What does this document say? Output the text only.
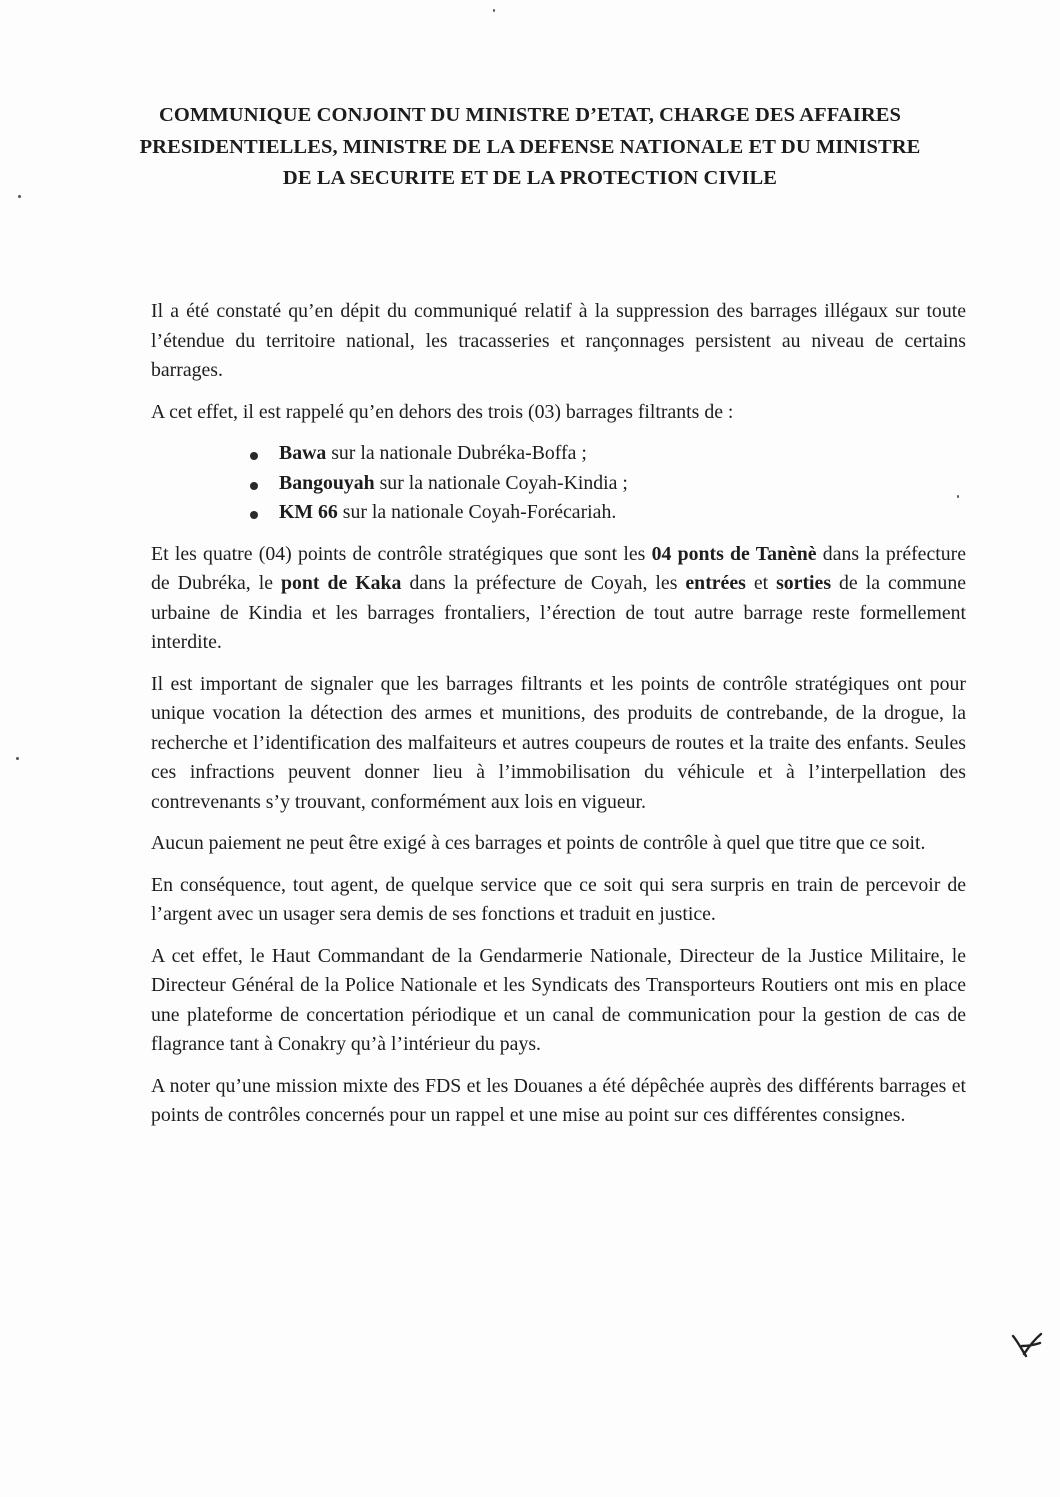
COMMUNIQUE CONJOINT DU MINISTRE D’ETAT, CHARGE DES AFFAIRES PRESIDENTIELLES, MINISTRE DE LA DEFENSE NATIONALE ET DU MINISTRE DE LA SECURITE ET DE LA PROTECTION CIVILE

Il a été constaté qu’en dépit du communiqué relatif à la suppression des barrages illégaux sur toute l’étendue du territoire national, les tracasseries et rançonnages persistent au niveau de certains barrages.

A cet effet, il est rappelé qu’en dehors des trois (03) barrages filtrants de :

Bawa sur la nationale Dubréka-Boffa ;
Bangouyah sur la nationale Coyah-Kindia ;
KM 66 sur la nationale Coyah-Forécariah.

Et les quatre (04) points de contrôle stratégiques que sont les 04 ponts de Tanènè dans la préfecture de Dubréka, le pont de Kaka dans la préfecture de Coyah, les entrées et sorties de la commune urbaine de Kindia et les barrages frontaliers, l’érection de tout autre barrage reste formellement interdite.

Il est important de signaler que les barrages filtrants et les points de contrôle stratégiques ont pour unique vocation la détection des armes et munitions, des produits de contrebande, de la drogue, la recherche et l’identification des malfaiteurs et autres coupeurs de routes et la traite des enfants. Seules ces infractions peuvent donner lieu à l’immobilisation du véhicule et à l’interpellation des contrevenants s’y trouvant, conformément aux lois en vigueur.

Aucun paiement ne peut être exigé à ces barrages et points de contrôle à quel que titre que ce soit.

En conséquence, tout agent, de quelque service que ce soit qui sera surpris en train de percevoir de l’argent avec un usager sera demis de ses fonctions et traduit en justice.

A cet effet, le Haut Commandant de la Gendarmerie Nationale, Directeur de la Justice Militaire, le Directeur Général de la Police Nationale et les Syndicats des Transporteurs Routiers ont mis en place une plateforme de concertation périodique et un canal de communication pour la gestion de cas de flagrance tant à Conakry qu’à l’intérieur du pays.

A noter qu’une mission mixte des FDS et les Douanes a été dépêchée auprès des différents barrages et points de contrôles concernés pour un rappel et une mise au point sur ces différentes consignes.
